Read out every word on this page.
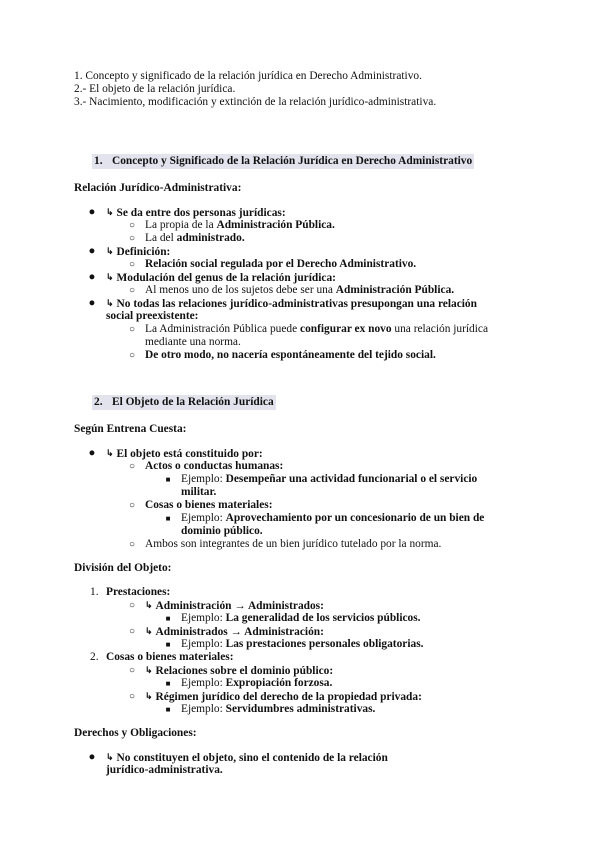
1. Concepto y significado de la relación jurídica en Derecho Administrativo.
2.- El objeto de la relación jurídica.
3.- Nacimiento, modificación y extinción de la relación jurídico-administrativa.
1. Concepto y Significado de la Relación Jurídica en Derecho Administrativo
Relación Jurídico-Administrativa:
● ↳ Se da entre dos personas jurídicas:
○ La propia de la Administración Pública.
○ La del administrado.
● ↳ Definición:
○ Relación social regulada por el Derecho Administrativo.
● ↳ Modulación del genus de la relación jurídica:
○ Al menos uno de los sujetos debe ser una Administración Pública.
● ↳ No todas las relaciones jurídico-administrativas presupongan una relación
social preexistente:
○ La Administración Pública puede configurar ex novo una relación jurídica
mediante una norma.
○ De otro modo, no nacería espontáneamente del tejido social.
2. El Objeto de la Relación Jurídica
Según Entrena Cuesta:
● ↳ El objeto está constituido por:
○ Actos o conductas humanas:
■ Ejemplo: Desempeñar una actividad funcionarial o el servicio
militar.
○ Cosas o bienes materiales:
■ Ejemplo: Aprovechamiento por un concesionario de un bien de
dominio público.
○ Ambos son integrantes de un bien jurídico tutelado por la norma.
División del Objeto:
1. Prestaciones:
○ ↳ Administración → Administrados:
■ Ejemplo: La generalidad de los servicios públicos.
○ ↳ Administrados → Administración:
■ Ejemplo: Las prestaciones personales obligatorias.
2. Cosas o bienes materiales:
○ ↳ Relaciones sobre el dominio público:
■ Ejemplo: Expropiación forzosa.
○ ↳ Régimen jurídico del derecho de la propiedad privada:
■ Ejemplo: Servidumbres administrativas.
Derechos y Obligaciones:
● ↳ No constituyen el objeto, sino el contenido de la relación
jurídico-administrativa.
